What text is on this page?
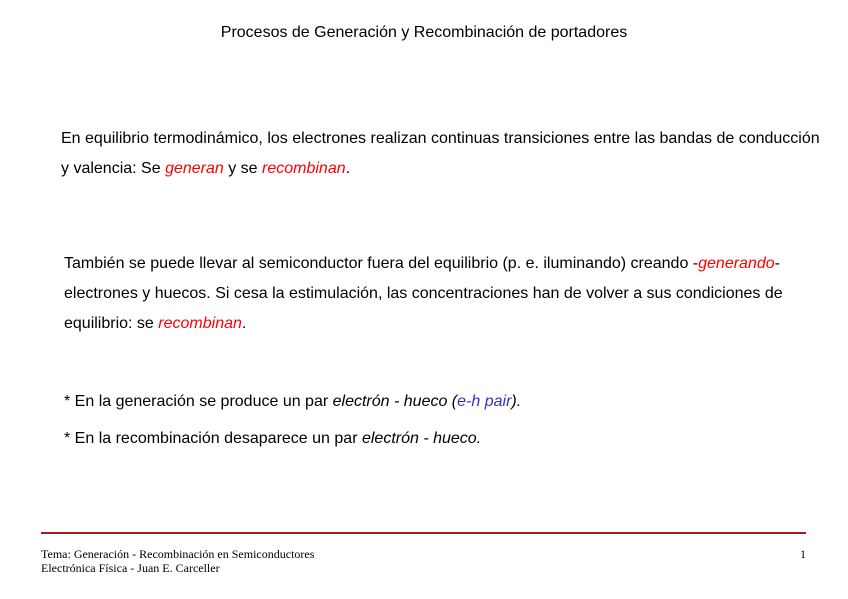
Procesos de Generación y Recombinación de portadores
En equilibrio termodinámico, los electrones realizan continuas transiciones entre las bandas de conducción y valencia: Se generan y se recombinan.
También se puede llevar al semiconductor fuera del equilibrio (p. e. iluminando) creando -generando- electrones y huecos. Si cesa la estimulación, las concentraciones han de volver a sus condiciones de equilibrio: se recombinan.
* En la generación se produce un par electrón - hueco (e-h pair).
* En la recombinación desaparece un par electrón - hueco.
Tema: Generación - Recombinación en Semiconductores
Electrónica Física - Juan E. Carceller
1
